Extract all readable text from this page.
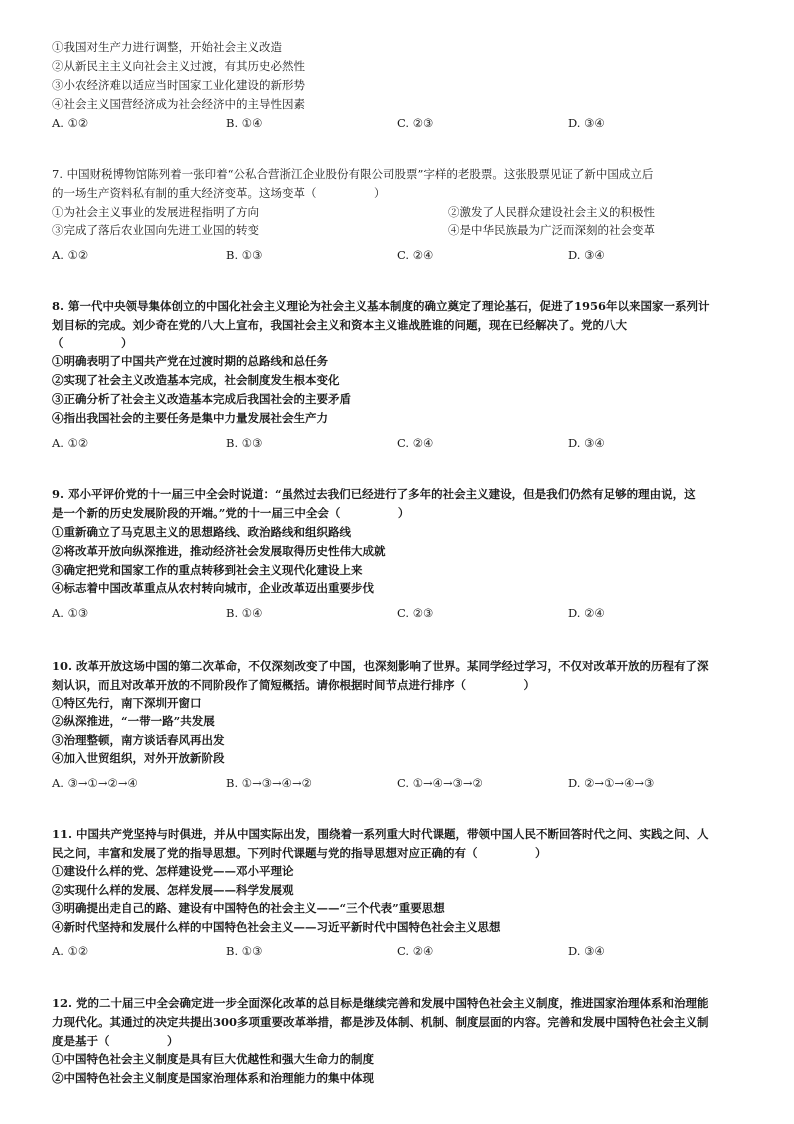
①我国对生产力进行调整，开始社会主义改造
②从新民主主义向社会主义过渡，有其历史必然性
③小农经济难以适应当时国家工业化建设的新形势
④社会主义国营经济成为社会经济中的主导性因素
A. ①②	B. ①④	C. ②③	D. ③④
7. 中国财税博物馆陈列着一张印着“公私合营浙江企业股份有限公司股票”字样的老股票。这张股票见证了新中国成立后
的一场生产资料私有制的重大经济变革。这场变革（　　　　　）
①为社会主义事业的发展进程指明了方向	②激发了人民群众建设社会主义的积极性
③完成了落后农业国向先进工业国的转变	④是中华民族最为广泛而深刻的社会变革
A. ①②	B. ①③	C. ②④	D. ③④
8. 第一代中央领导集体创立的中国化社会主义理论为社会主义基本制度的确立奠定了理论基石，促进了1956年以来国家一系列计
划目标的完成。刘少奇在党的八大上宣布，我国社会主义和资本主义谁战胜谁的问题，现在已经解决了。党的八大
（　　　　　）
①明确表明了中国共产党在过渡时期的总路线和总任务
②实现了社会主义改造基本完成，社会制度发生根本变化
③正确分析了社会主义改造基本完成后我国社会的主要矛盾
④指出我国社会的主要任务是集中力量发展社会生产力
A. ①②	B. ①③	C. ②④	D. ③④
9. 邓小平评价党的十一届三中全会时说道：“虽然过去我们已经进行了多年的社会主义建设，但是我们仍然有足够的理由说，这
是一个新的历史发展阶段的开端。”党的十一届三中全会（　　　　　）
①重新确立了马克思主义的思想路线、政治路线和组织路线
②将改革开放向纵深推进，推动经济社会发展取得历史性伟大成就
③确定把党和国家工作的重点转移到社会主义现代化建设上来
④标志着中国改革重点从农村转向城市，企业改革迈出重要步伐
A. ①③	B. ①④	C. ②③	D. ②④
10. 改革开放这场中国的第二次革命，不仅深刻改变了中国，也深刻影响了世界。某同学经过学习，不仅对改革开放的历程有了深
刻认识，而且对改革开放的不同阶段作了简短概括。请你根据时间节点进行排序（　　　　　）
①特区先行，南下深圳开窗口
②纵深推进，“一带一路”共发展
③治理整顿，南方谈话春风再出发
④加入世贸组织，对外开放新阶段
A. ③→①→②→④	B. ①→③→④→②	C. ①→④→③→②	D. ②→①→④→③
11. 中国共产党坚持与时俱进，并从中国实际出发，围绕着一系列重大时代课题，带领中国人民不断回答时代之问、实践之问、人
民之问，丰富和发展了党的指导思想。下列时代课题与党的指导思想对应正确的有（　　　　　）
①建设什么样的党、怎样建设党——邓小平理论
②实现什么样的发展、怎样发展——科学发展观
③明确提出走自己的路、建设有中国特色的社会主义——“三个代表”重要思想
④新时代坚持和发展什么样的中国特色社会主义——习近平新时代中国特色社会主义思想
A. ①②	B. ①③	C. ②④	D. ③④
12. 党的二十届三中全会确定进一步全面深化改革的总目标是继续完善和发展中国特色社会主义制度，推进国家治理体系和治理能
力现代化。其通过的决定共提出300多项重要改革举措，都是涉及体制、机制、制度层面的内容。完善和发展中国特色社会主义制
度是基于（　　　　　）
①中国特色社会主义制度是具有巨大优越性和强大生命力的制度
②中国特色社会主义制度是国家治理体系和治理能力的集中体现
